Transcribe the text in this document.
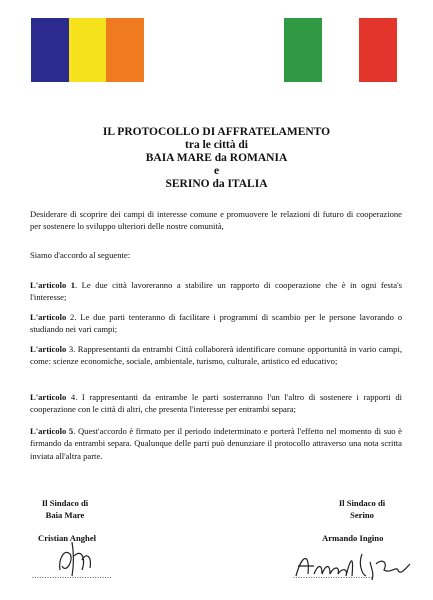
IL PROTOCOLLO DI AFFRATELAMENTO
tra le città di
BAIA MARE da ROMANIA
e
SERINO da ITALIA

Desiderare di scoprire dei campi di interesse comune e promuovere le relazioni di futuro di cooperazione per sostenere lo sviluppo ulteriori delle nostre comunità,

Siamo d'accordo al seguente:

L'articolo 1. Le due città lavoreranno a stabilire un rapporto di cooperazione che è in ogni festa's l'interesse;

L'articolo 2. Le due parti tenteranno di facilitare i programmi di scambio per le persone lavorando o studiando nei vari campi;

L'articolo 3. Rappresentanti da entrambi Città collaborerà identificare comune opportunità in vario campi, come: scienze economiche, sociale, ambientale, turismo, culturale, artistico ed educativo;

L'articolo 4. I rappresentanti da entrambe le parti sosterranno l'un l'altro di sostenere i rapporti di cooperazione con le città di altri, che presenta l'interesse per entrambi separa;

L'articolo 5. Quest'accordo è firmato per il periodo indeterminato e porterà l'effetto nel momento di suo è firmando da entrambi separa. Qualunque delle parti può denunziare il protocollo attraverso una nota scritta inviata all'altra parte.

Il Sindaco di
Baia Mare
Cristian Anghel
................................
Il Sindaco di
Serino
Armando Ingino
................................
